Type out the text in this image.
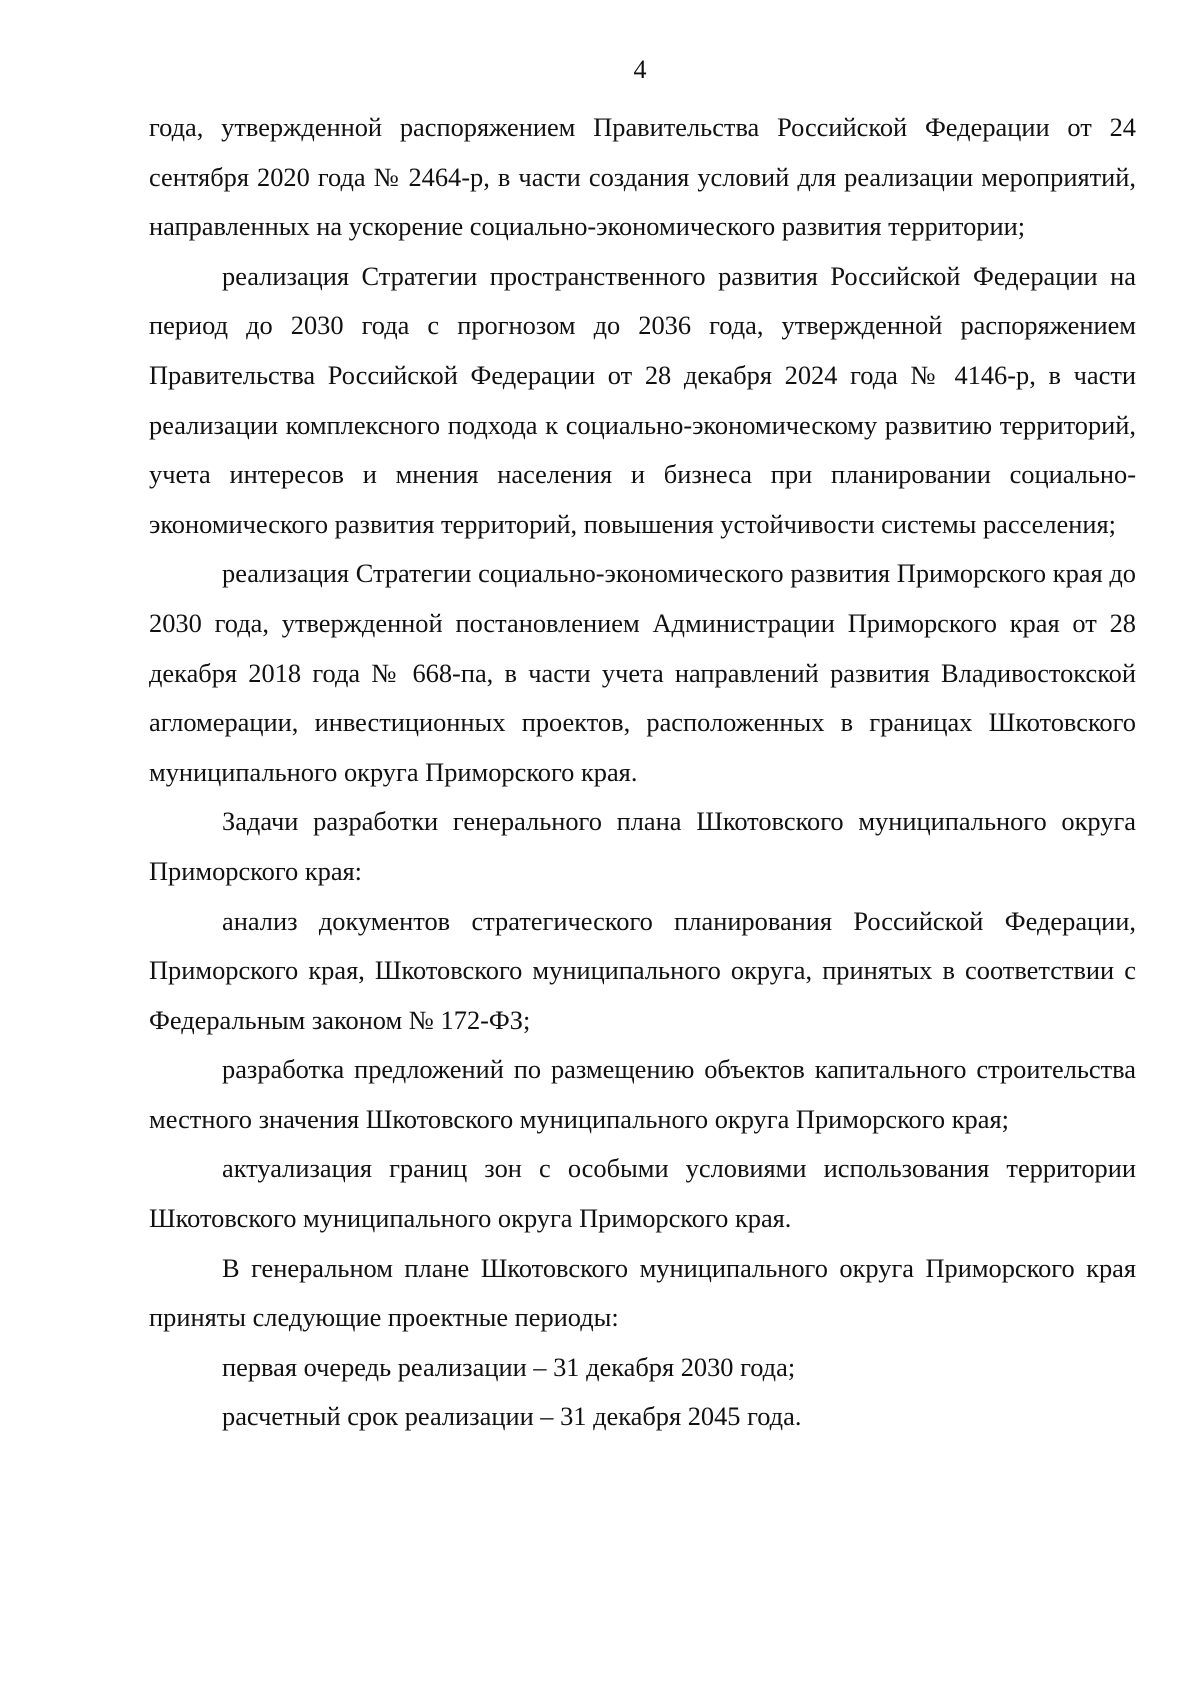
4

года, утвержденной распоряжением Правительства Российской Федерации от 24 сентября 2020 года № 2464-р, в части создания условий для реализации мероприятий, направленных на ускорение социально-экономического развития территории;

реализация Стратегии пространственного развития Российской Федерации на период до 2030 года с прогнозом до 2036 года, утвержденной распоряжением Правительства Российской Федерации от 28 декабря 2024 года № 4146-р, в части реализации комплексного подхода к социально-экономическому развитию территорий, учета интересов и мнения населения и бизнеса при планировании социально-экономического развития территорий, повышения устойчивости системы расселения;

реализация Стратегии социально-экономического развития Приморского края до 2030 года, утвержденной постановлением Администрации Приморского края от 28 декабря 2018 года № 668-па, в части учета направлений развития Владивостокской агломерации, инвестиционных проектов, расположенных в границах Шкотовского муниципального округа Приморского края.

Задачи разработки генерального плана Шкотовского муниципального округа Приморского края:

анализ документов стратегического планирования Российской Федерации, Приморского края, Шкотовского муниципального округа, принятых в соответствии с Федеральным законом № 172-ФЗ;

разработка предложений по размещению объектов капитального строительства местного значения Шкотовского муниципального округа Приморского края;

актуализация границ зон с особыми условиями использования территории Шкотовского муниципального округа Приморского края.

В генеральном плане Шкотовского муниципального округа Приморского края приняты следующие проектные периоды:

первая очередь реализации – 31 декабря 2030 года;

расчетный срок реализации – 31 декабря 2045 года.
